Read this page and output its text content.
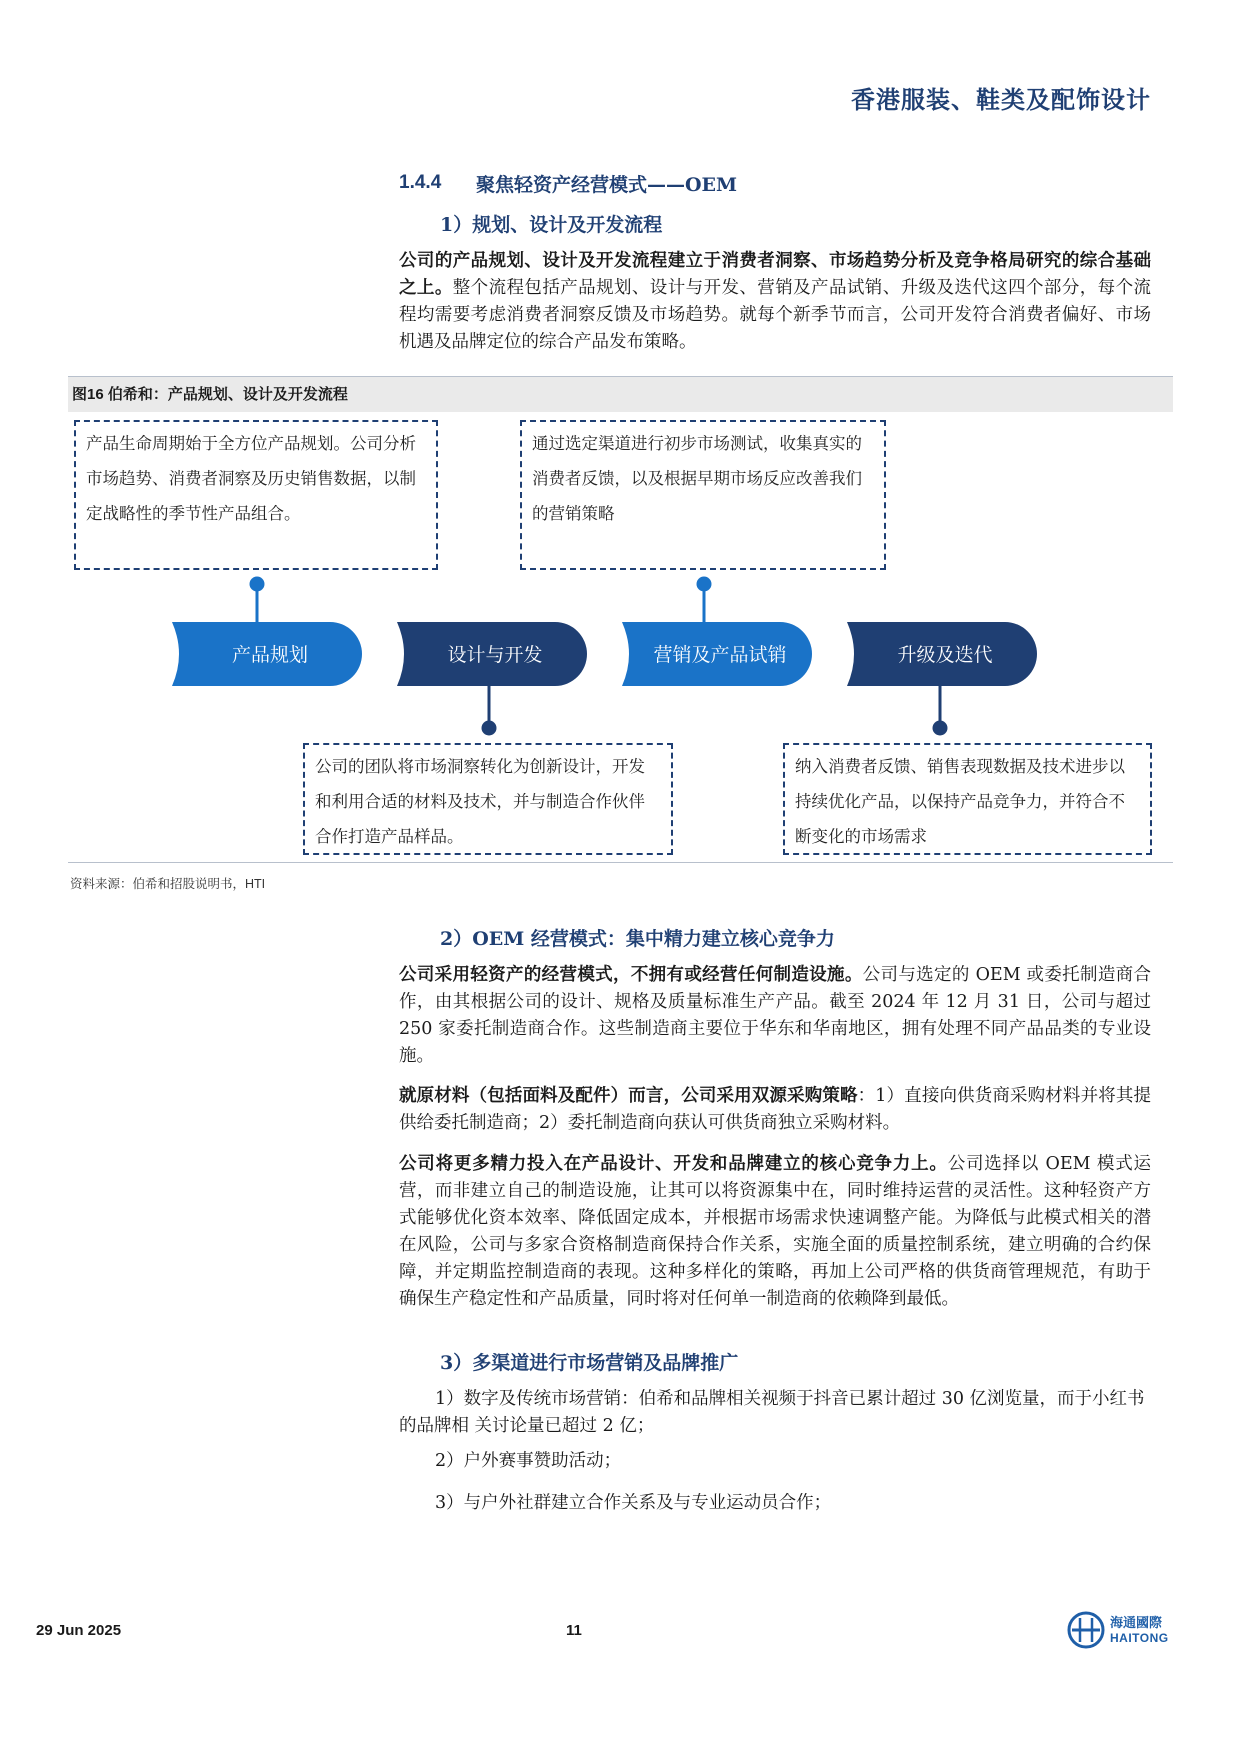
香港服装、鞋类及配饰设计
1.4.4 聚焦轻资产经营模式——OEM
1）规划、设计及开发流程
公司的产品规划、设计及开发流程建立于消费者洞察、市场趋势分析及竞争格局研究的综合基础之上。整个流程包括产品规划、设计与开发、营销及产品试销、升级及迭代这四个部分，每个流程均需要考虑消费者洞察反馈及市场趋势。就每个新季节而言，公司开发符合消费者偏好、市场机遇及品牌定位的综合产品发布策略。
图16 伯希和：产品规划、设计及开发流程
产品生命周期始于全方位产品规划。公司分析市场趋势、消费者洞察及历史销售数据，以制定战略性的季节性产品组合。
通过选定渠道进行初步市场测试，收集真实的消费者反馈，以及根据早期市场反应改善我们的营销策略
公司的团队将市场洞察转化为创新设计，开发和利用合适的材料及技术，并与制造合作伙伴合作打造产品样品。
纳入消费者反馈、销售表现数据及技术进步以持续优化产品，以保持产品竞争力，并符合不断变化的市场需求
产品规划	设计与开发	营销及产品试销	升级及迭代
资料来源：伯希和招股说明书，HTI
2）OEM 经营模式：集中精力建立核心竞争力
公司采用轻资产的经营模式，不拥有或经营任何制造设施。公司与选定的 OEM 或委托制造商合作，由其根据公司的设计、规格及质量标准生产产品。截至 2024 年 12 月 31 日，公司与超过 250 家委托制造商合作。这些制造商主要位于华东和华南地区，拥有处理不同产品品类的专业设施。
就原材料（包括面料及配件）而言，公司采用双源采购策略：1）直接向供货商采购材料并将其提供给委托制造商；2）委托制造商向获认可供货商独立采购材料。
公司将更多精力投入在产品设计、开发和品牌建立的核心竞争力上。公司选择以 OEM 模式运营，而非建立自己的制造设施，让其可以将资源集中在，同时维持运营的灵活性。这种轻资产方式能够优化资本效率、降低固定成本，并根据市场需求快速调整产能。为降低与此模式相关的潜在风险，公司与多家合资格制造商保持合作关系，实施全面的质量控制系统，建立明确的合约保障，并定期监控制造商的表现。这种多样化的策略，再加上公司严格的供货商管理规范，有助于确保生产稳定性和产品质量，同时将对任何单一制造商的依赖降到最低。
3）多渠道进行市场营销及品牌推广
1）数字及传统市场营销：伯希和品牌相关视频于抖音已累计超过 30 亿浏览量，而于小红书的品牌相 关讨论量已超过 2 亿；
2）户外赛事赞助活动；
3）与户外社群建立合作关系及与专业运动员合作；
29 Jun 2025	11	海通國際
HAITONG
